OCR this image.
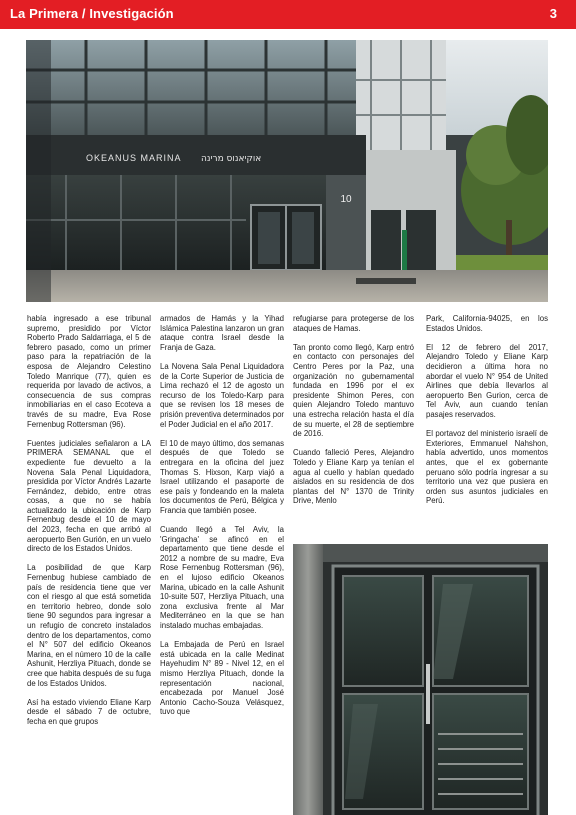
La Primera / Investigación	3
OKEANUS MARINA אוקיאנוס מרינה
10

había ingresado a ese tribunal supremo, presidido por Víctor Roberto Prado Saldarriaga, el 5 de febrero pasado, como un primer paso para la repatriación de la esposa de Alejandro Celestino Toledo Manrique (77), quien es requerida por lavado de activos, a consecuencia de sus compras inmobiliarias en el caso Ecoteva a través de su madre, Eva Rose Fernenbug Rottersman (96).

Fuentes judiciales señalaron a LA PRIMERA SEMANAL que el expediente fue devuelto a la Novena Sala Penal Liquidadora, presidida por Víctor Andrés Lazarte Fernández, debido, entre otras cosas, a que no se había actualizado la ubicación de Karp Fernenbug desde el 10 de mayo del 2023, fecha en que arribó al aeropuerto Ben Gurión, en un vuelo directo de los Estados Unidos.

La posibilidad de que Karp Fernenbug hubiese cambiado de país de residencia tiene que ver con el riesgo al que está sometida en territorio hebreo, donde solo tiene 90 segundos para ingresar a un refugio de concreto instalados dentro de los departamentos, como el N° 507 del edificio Okeanos Marina, en el número 10 de la calle Ashunit, Herzliya Pituach, donde se cree que habita después de su fuga de los Estados Unidos.

Así ha estado viviendo Eliane Karp desde el sábado 7 de octubre, fecha en que grupos

armados de Hamás y la Yihad Islámica Palestina lanzaron un gran ataque contra Israel desde la Franja de Gaza.

La Novena Sala Penal Liquidadora de la Corte Superior de Justicia de Lima rechazó el 12 de agosto un recurso de los Toledo-Karp para que se revisen los 18 meses de prisión preventiva determinados por el Poder Judicial en el año 2017.

El 10 de mayo último, dos semanas después de que Toledo se entregara en la oficina del juez Thomas S. Hixson, Karp viajó a Israel utilizando el pasaporte de ese país y fondeando en la maleta los documentos de Perú, Bélgica y Francia que también posee.

Cuando llegó a Tel Aviv, la 'Gringacha' se afincó en el departamento que tiene desde el 2012 a nombre de su madre, Eva Rose Fernenbug Rottersman (96), en el lujoso edificio Okeanos Marina, ubicado en la calle Ashunit 10-suite 507, Herzliya Pituach, una zona exclusiva frente al Mar Mediterráneo en la que se han instalado muchas embajadas.

La Embajada de Perú en Israel está ubicada en la calle Medinat Hayehudim N° 89 - Nivel 12, en el mismo Herzliya Pituach, donde la representación nacional, encabezada por Manuel José Antonio Cacho-Souza Velásquez, tuvo que

refugiarse para protegerse de los ataques de Hamas.

Tan pronto como llegó, Karp entró en contacto con personajes del Centro Peres por la Paz, una organización no gubernamental fundada en 1996 por el ex presidente Shimon Peres, con quien Alejandro Toledo mantuvo una estrecha relación hasta el día de su muerte, el 28 de septiembre de 2016.

Cuando falleció Peres, Alejandro Toledo y Eliane Karp ya tenían el agua al cuello y habían quedado aislados en su residencia de dos plantas del N° 1370 de Trinity Drive, Menlo

Park, California-94025, en los Estados Unidos.

El 12 de febrero del 2017, Alejandro Toledo y Eliane Karp decidieron a última hora no abordar el vuelo N° 954 de United Airlines que debía llevarlos al aeropuerto Ben Gurion, cerca de Tel Aviv, aun cuando tenían pasajes reservados.

El portavoz del ministerio israelí de Exteriores, Emmanuel Nahshon, había advertido, unos momentos antes, que el ex gobernante peruano sólo podría ingresar a su territorio una vez que pusiera en orden sus asuntos judiciales en Perú.
